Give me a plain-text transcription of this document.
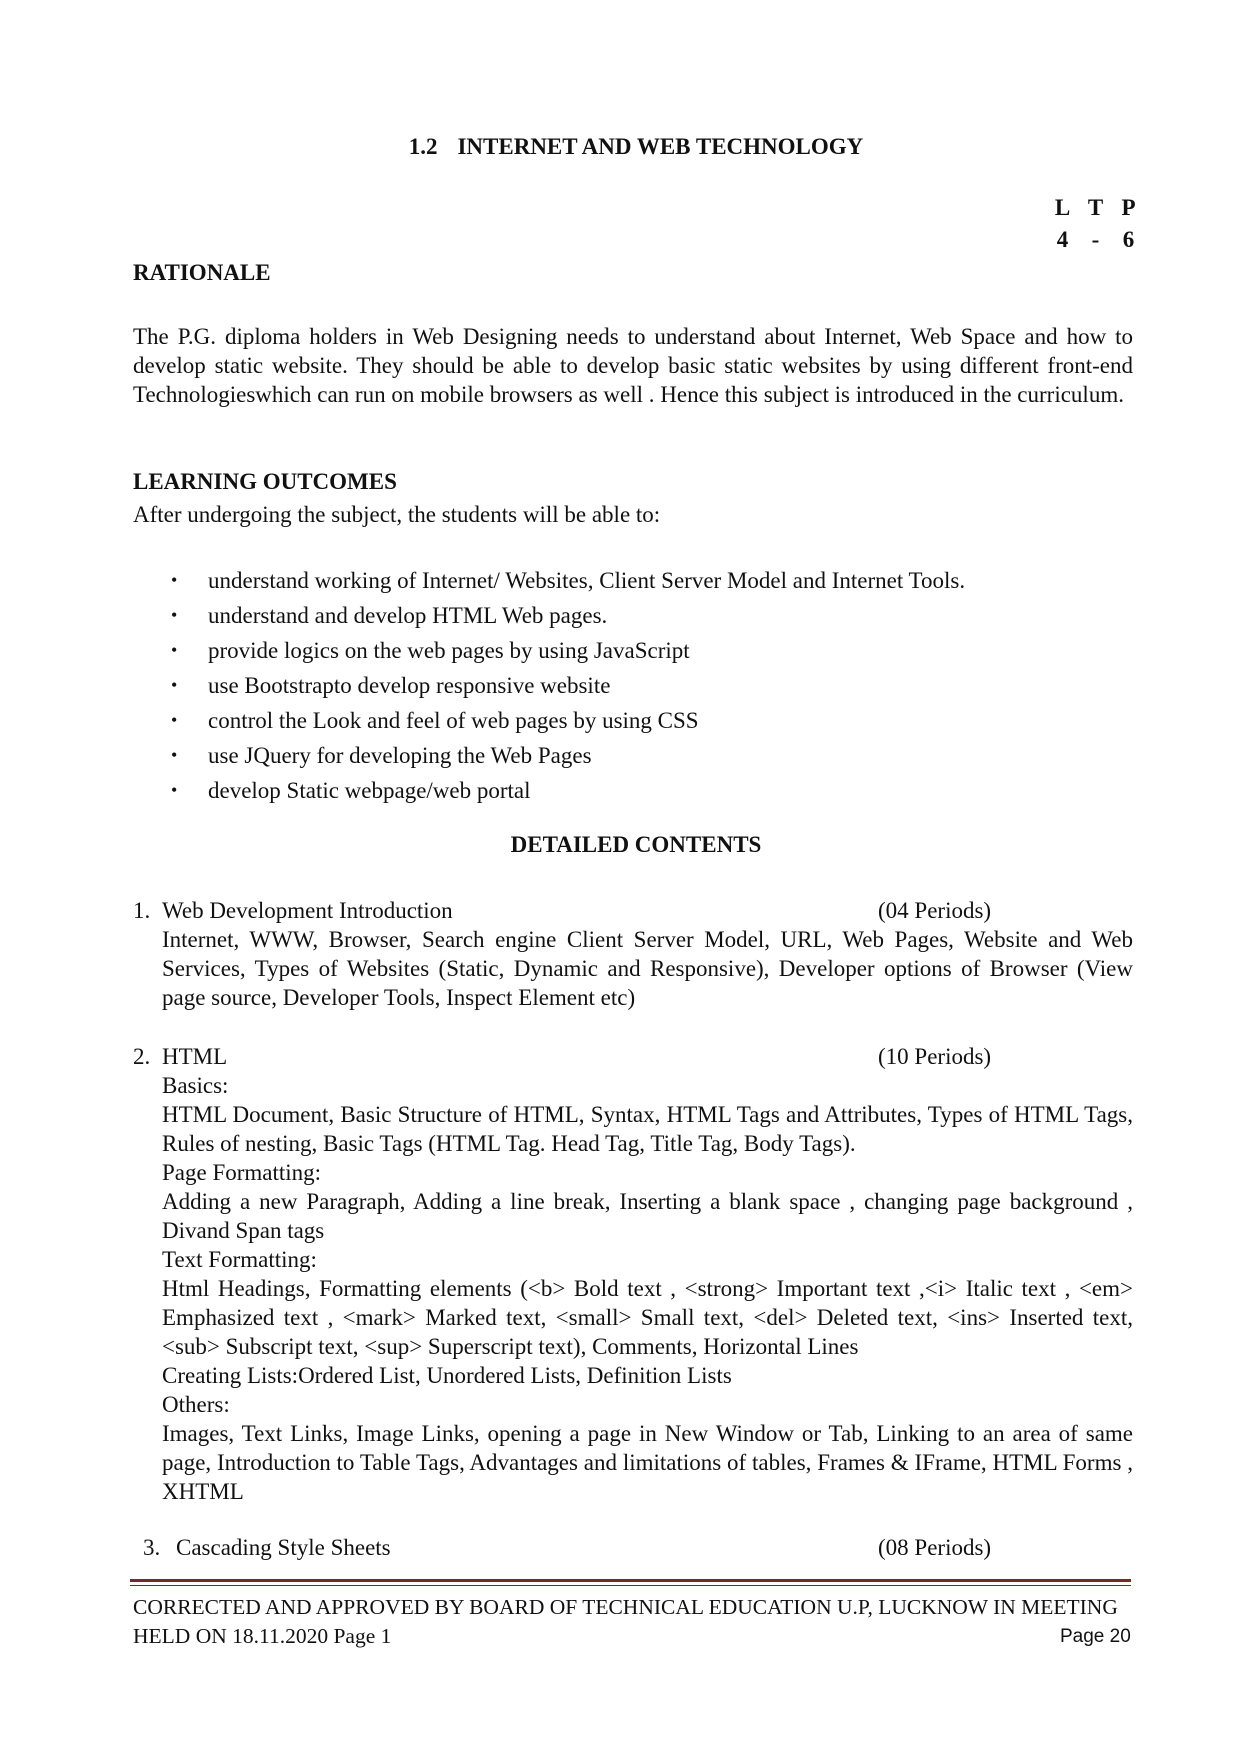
1.2 INTERNET AND WEB TECHNOLOGY
L T P
4 - 6
RATIONALE
The P.G. diploma holders in Web Designing needs to understand about Internet, Web Space and how to develop static website. They should be able to develop basic static websites by using different front-end Technologieswhich can run on mobile browsers as well . Hence this subject is introduced in the curriculum.
LEARNING OUTCOMES
After undergoing the subject, the students will be able to:
• understand working of Internet/ Websites, Client Server Model and Internet Tools.
• understand and develop HTML Web pages.
• provide logics on the web pages by using JavaScript
• use Bootstrapto develop responsive website
• control the Look and feel of web pages by using CSS
• use JQuery for developing the Web Pages
• develop Static webpage/web portal
DETAILED CONTENTS
1. Web Development Introduction	(04 Periods)
Internet, WWW, Browser, Search engine Client Server Model, URL, Web Pages, Website and Web Services, Types of Websites (Static, Dynamic and Responsive), Developer options of Browser (View page source, Developer Tools, Inspect Element etc)
2. HTML	(10 Periods)
Basics:
HTML Document, Basic Structure of HTML, Syntax, HTML Tags and Attributes, Types of HTML Tags, Rules of nesting, Basic Tags (HTML Tag. Head Tag, Title Tag, Body Tags).
Page Formatting:
Adding a new Paragraph, Adding a line break, Inserting a blank space , changing page background , Divand Span tags
Text Formatting:
Html Headings, Formatting elements (<b> Bold text , <strong> Important text ,<i> Italic text , <em> Emphasized text , <mark> Marked text, <small> Small text, <del> Deleted text, <ins> Inserted text, <sub> Subscript text, <sup> Superscript text), Comments, Horizontal Lines
Creating Lists:Ordered List, Unordered Lists, Definition Lists
Others:
Images, Text Links, Image Links, opening a page in New Window or Tab, Linking to an area of same page, Introduction to Table Tags, Advantages and limitations of tables, Frames & IFrame, HTML Forms , XHTML
3. Cascading Style Sheets	(08 Periods)
CORRECTED AND APPROVED BY BOARD OF TECHNICAL EDUCATION U.P, LUCKNOW IN MEETING HELD ON 18.11.2020 Page 1	Page 20
